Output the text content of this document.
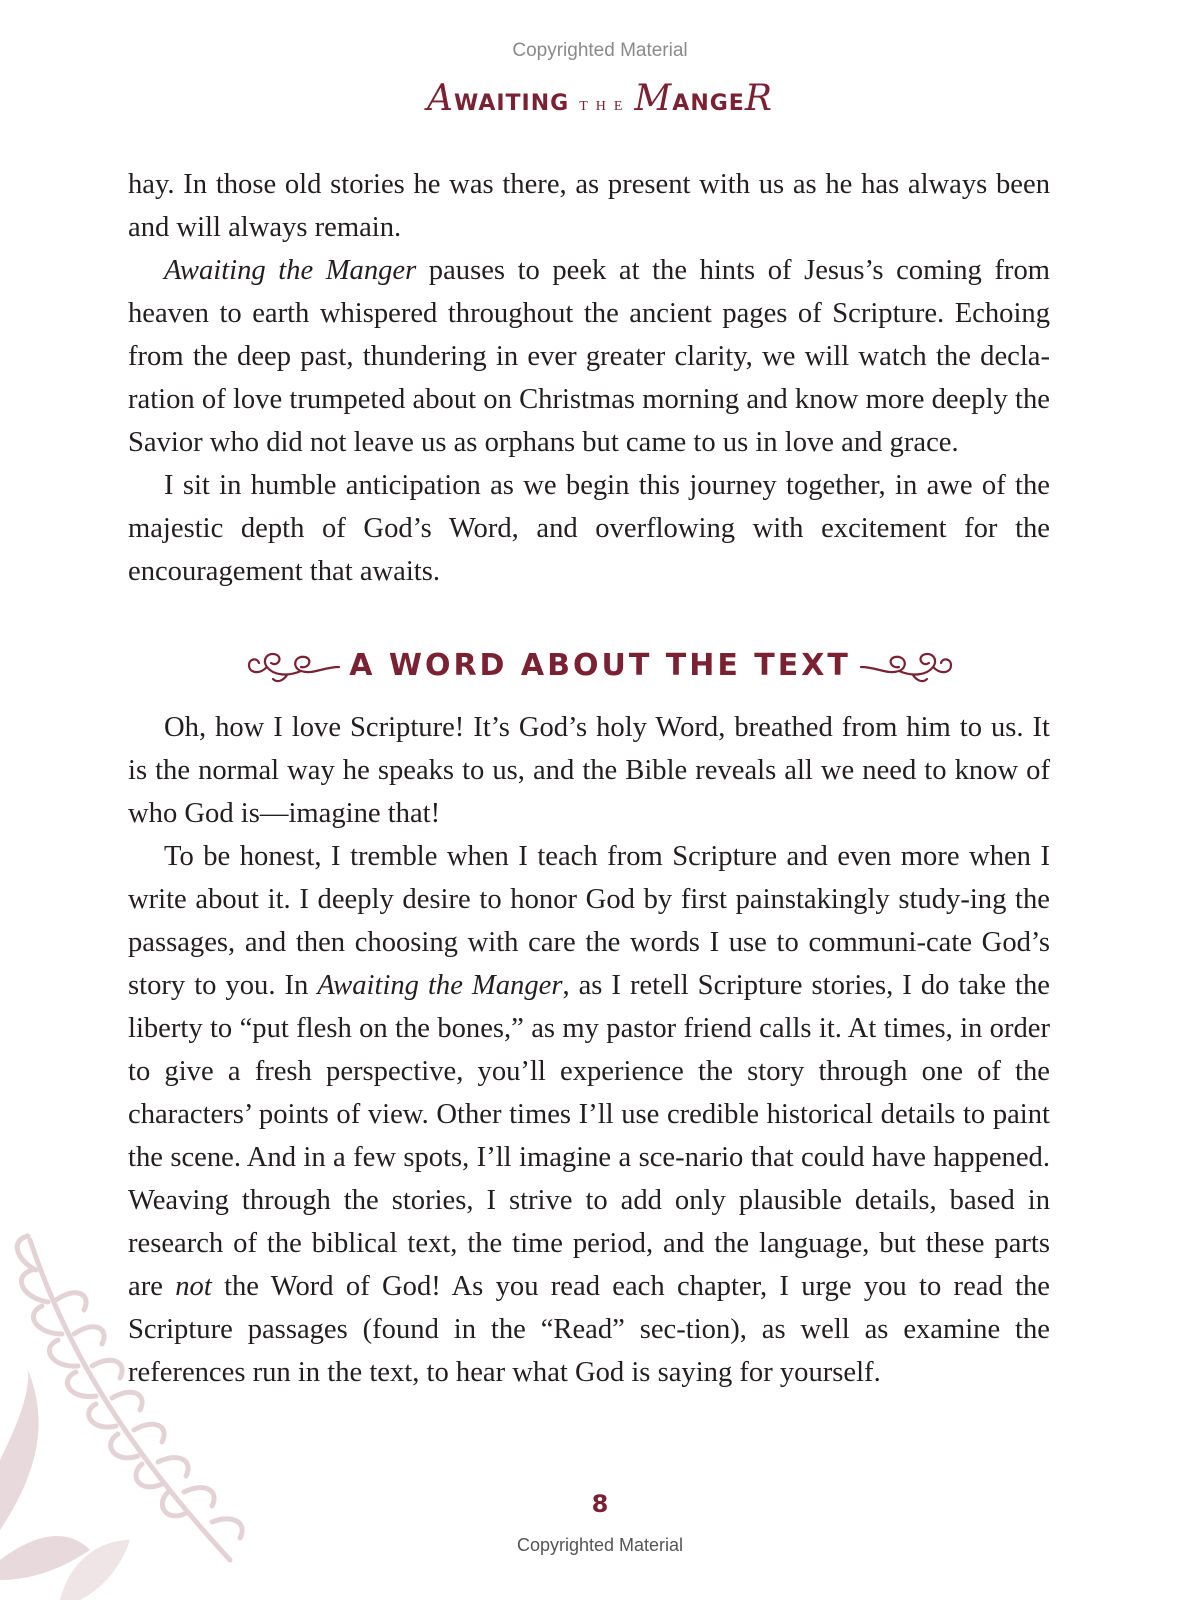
Copyrighted Material
AWAITING THE MANGER

hay. In those old stories he was there, as present with us as he has always been and will always remain.

Awaiting the Manger pauses to peek at the hints of Jesus’s coming from heaven to earth whispered throughout the ancient pages of Scripture. Echoing from the deep past, thundering in ever greater clarity, we will watch the decla-ration of love trumpeted about on Christmas morning and know more deeply the Savior who did not leave us as orphans but came to us in love and grace.

I sit in humble anticipation as we begin this journey together, in awe of the majestic depth of God’s Word, and overflowing with excitement for the encouragement that awaits.

A WORD ABOUT THE TEXT

Oh, how I love Scripture! It’s God’s holy Word, breathed from him to us. It is the normal way he speaks to us, and the Bible reveals all we need to know of who God is—imagine that!

To be honest, I tremble when I teach from Scripture and even more when I write about it. I deeply desire to honor God by first painstakingly study-ing the passages, and then choosing with care the words I use to communi-cate God’s story to you. In Awaiting the Manger, as I retell Scripture stories, I do take the liberty to “put flesh on the bones,” as my pastor friend calls it. At times, in order to give a fresh perspective, you’ll experience the story through one of the characters’ points of view. Other times I’ll use credible historical details to paint the scene. And in a few spots, I’ll imagine a sce-nario that could have happened. Weaving through the stories, I strive to add only plausible details, based in research of the biblical text, the time period, and the language, but these parts are not the Word of God! As you read each chapter, I urge you to read the Scripture passages (found in the “Read” sec-tion), as well as examine the references run in the text, to hear what God is saying for yourself.

8
Copyrighted Material
